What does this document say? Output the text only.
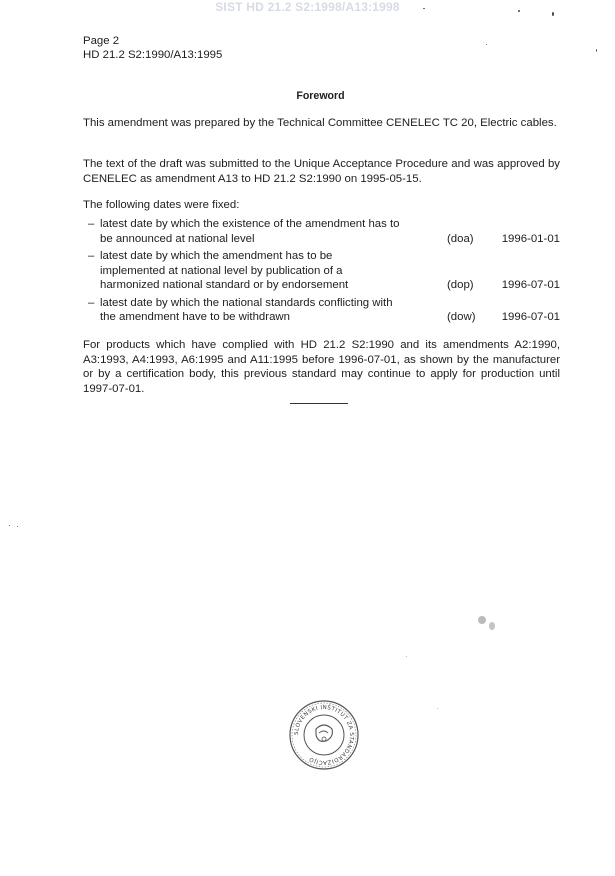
SIST HD 21.2 S2:1998/A13:1998
Page 2
HD 21.2 S2:1990/A13:1995
Foreword
This amendment was prepared by the Technical Committee CENELEC TC 20, Electric cables.
The text of the draft was submitted to the Unique Acceptance Procedure and was approved by CENELEC as amendment A13 to HD 21.2 S2:1990 on 1995-05-15.
The following dates were fixed:
– latest date by which the existence of the amendment has to be announced at national level	(doa)	1996-01-01
– latest date by which the amendment has to be implemented at national level by publication of a harmonized national standard or by endorsement	(dop)	1996-07-01
– latest date by which the national standards conflicting with the amendment have to be withdrawn	(dow)	1996-07-01
For products which have complied with HD 21.2 S2:1990 and its amendments A2:1990, A3:1993, A4:1993, A6:1995 and A11:1995 before 1996-07-01, as shown by the manufacturer or by a certification body, this previous standard may continue to apply for production until 1997-07-01.
SLOVENSKI INŠTITUT ZA STANDARDIZACIJO
